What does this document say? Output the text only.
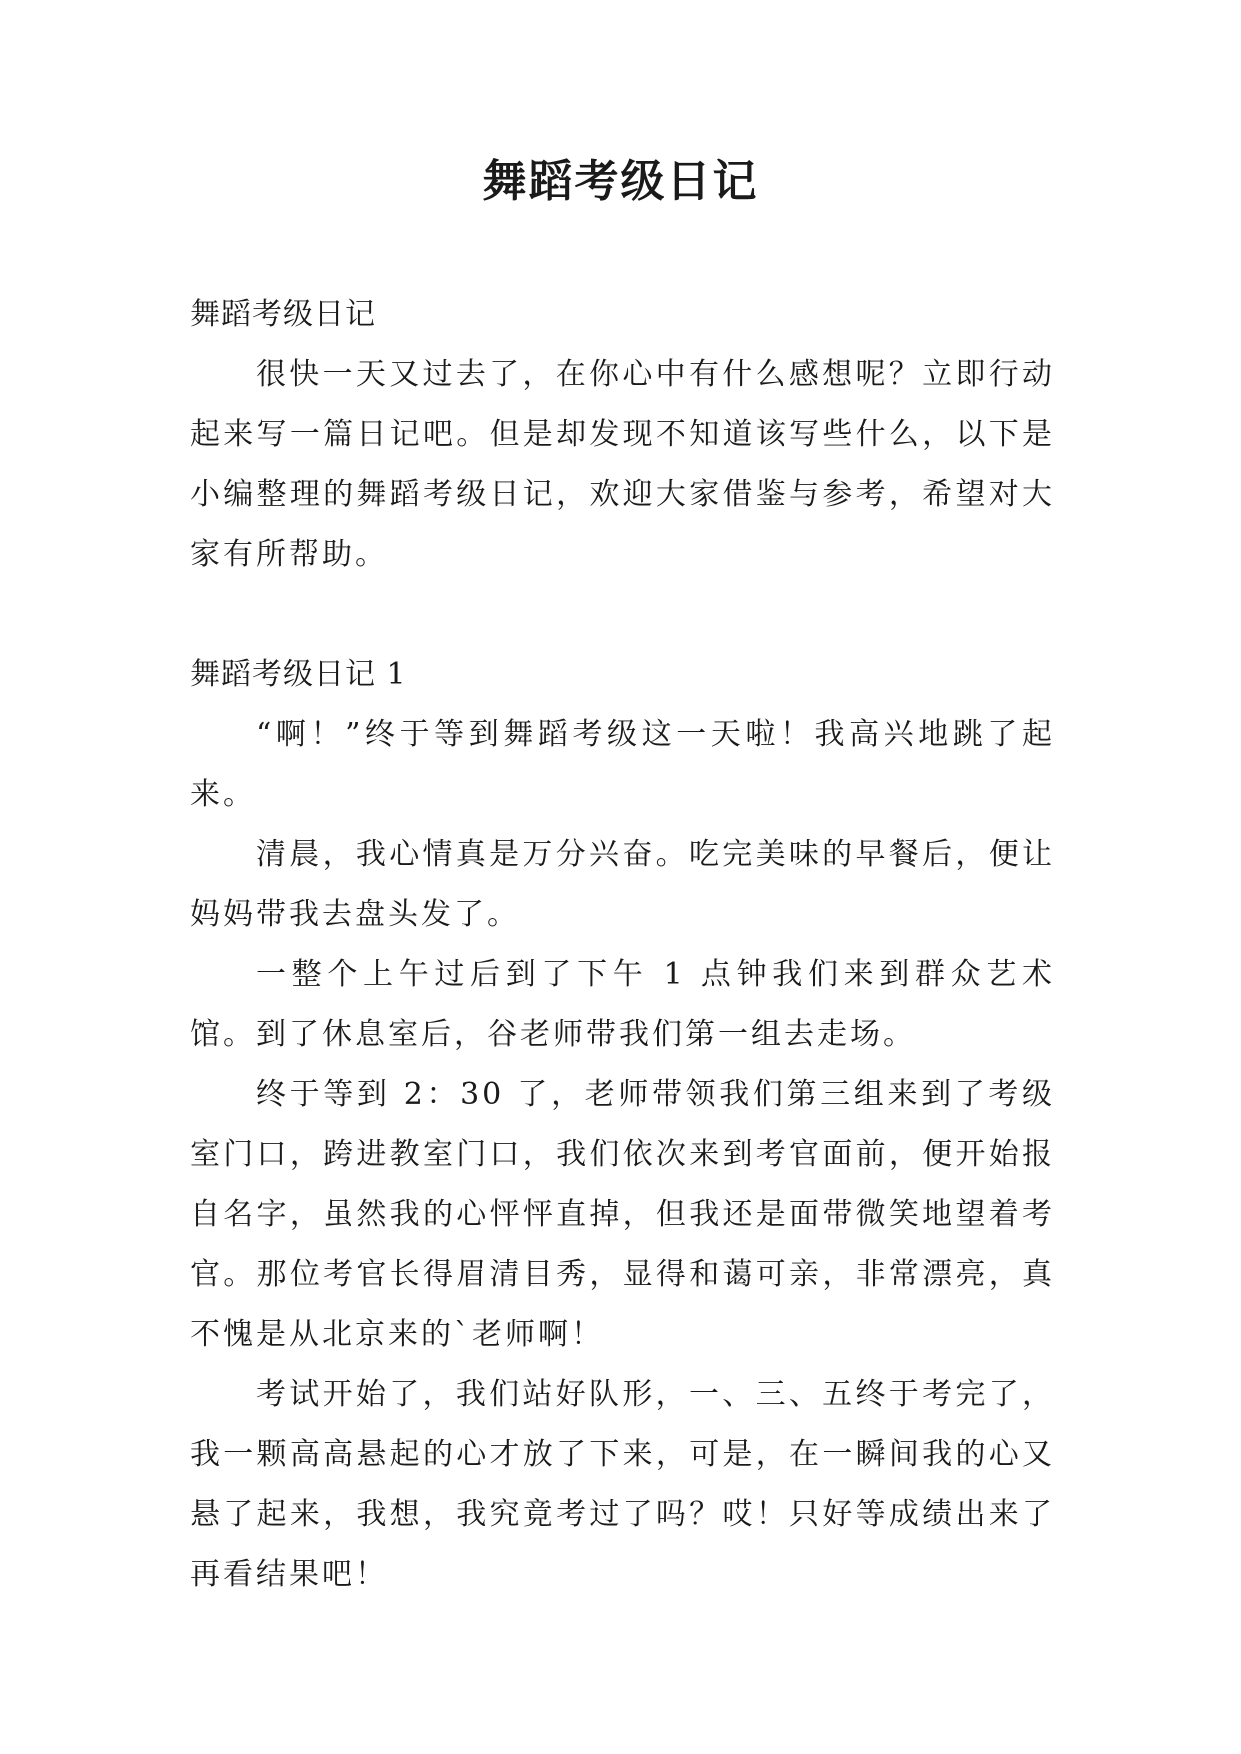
舞蹈考级日记

舞蹈考级日记

很快一天又过去了，在你心中有什么感想呢？立即行动起来写一篇日记吧。但是却发现不知道该写些什么，以下是小编整理的舞蹈考级日记，欢迎大家借鉴与参考，希望对大家有所帮助。

舞蹈考级日记 1

“啊！”终于等到舞蹈考级这一天啦！我高兴地跳了起来。

清晨，我心情真是万分兴奋。吃完美味的早餐后，便让妈妈带我去盘头发了。

一整个上午过后到了下午 1 点钟我们来到群众艺术馆。到了休息室后，谷老师带我们第一组去走场。

终于等到 2：30 了，老师带领我们第三组来到了考级室门口，跨进教室门口，我们依次来到考官面前，便开始报自名字，虽然我的心怦怦直掉，但我还是面带微笑地望着考官。那位考官长得眉清目秀，显得和蔼可亲，非常漂亮，真不愧是从北京来的`老师啊！

考试开始了，我们站好队形，一、三、五终于考完了，我一颗高高悬起的心才放了下来，可是，在一瞬间我的心又悬了起来，我想，我究竟考过了吗？哎！只好等成绩出来了再看结果吧！
